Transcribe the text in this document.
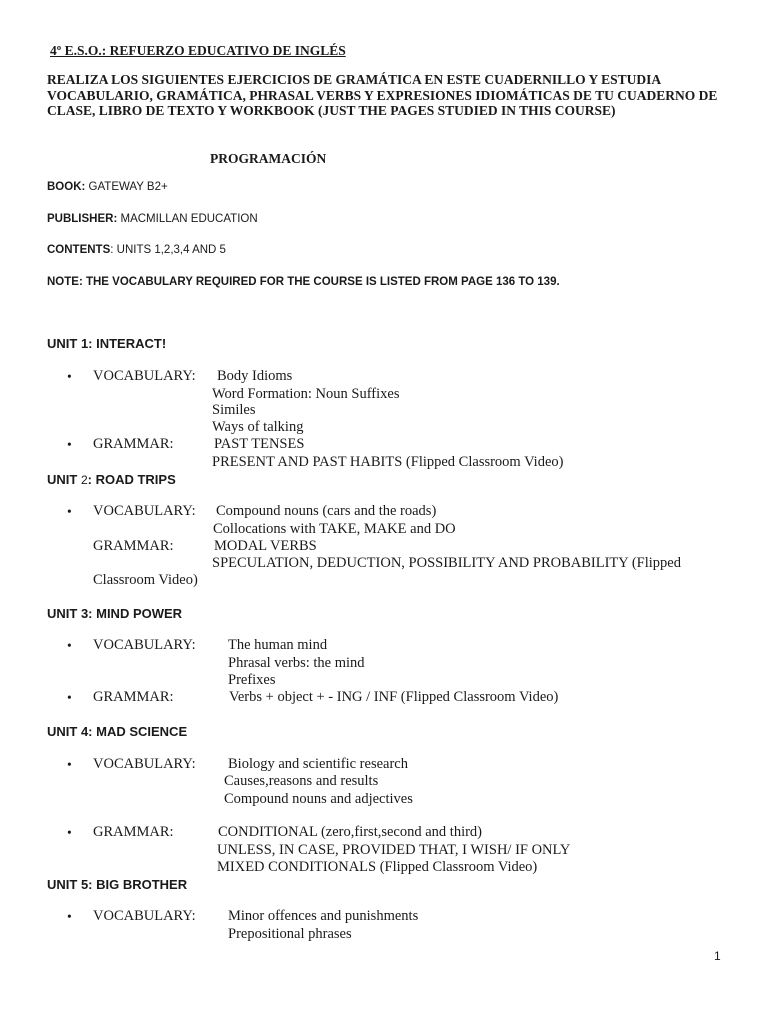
4º E.S.O.: REFUERZO EDUCATIVO DE INGLÉS
REALIZA LOS SIGUIENTES EJERCICIOS DE GRAMÁTICA EN ESTE CUADERNILLO Y ESTUDIA VOCABULARIO, GRAMÁTICA, PHRASAL VERBS Y EXPRESIONES IDIOMÁTICAS DE TU CUADERNO DE CLASE, LIBRO DE TEXTO Y WORKBOOK (JUST THE PAGES STUDIED IN THIS COURSE)
PROGRAMACIÓN
BOOK: GATEWAY B2+
PUBLISHER: MACMILLAN EDUCATION
CONTENTS: UNITS 1,2,3,4 AND 5
NOTE: THE VOCABULARY REQUIRED FOR THE COURSE IS LISTED FROM PAGE 136 TO 139.
UNIT 1: INTERACT!
• VOCABULARY: Body Idioms
Word Formation: Noun Suffixes
Similes
Ways of talking
• GRAMMAR:	PAST TENSES
PRESENT AND PAST HABITS (Flipped Classroom Video)
UNIT 2: ROAD TRIPS
• VOCABULARY: Compound nouns (cars and the roads)
Collocations with TAKE, MAKE and DO
GRAMMAR:	MODAL VERBS
SPECULATION, DEDUCTION, POSSIBILITY AND PROBABILITY (Flipped
Classroom Video)
UNIT 3: MIND POWER
• VOCABULARY: The human mind
Phrasal verbs: the mind
Prefixes
• GRAMMAR:	Verbs + object + - ING / INF (Flipped Classroom Video)
UNIT 4: MAD SCIENCE
• VOCABULARY: Biology and scientific research
Causes,reasons and results
Compound nouns and adjectives
• GRAMMAR:	CONDITIONAL (zero,first,second and third)
UNLESS, IN CASE, PROVIDED THAT, I WISH/ IF ONLY
MIXED CONDITIONALS (Flipped Classroom Video)
UNIT 5: BIG BROTHER
• VOCABULARY: Minor offences and punishments
Prepositional phrases
1
